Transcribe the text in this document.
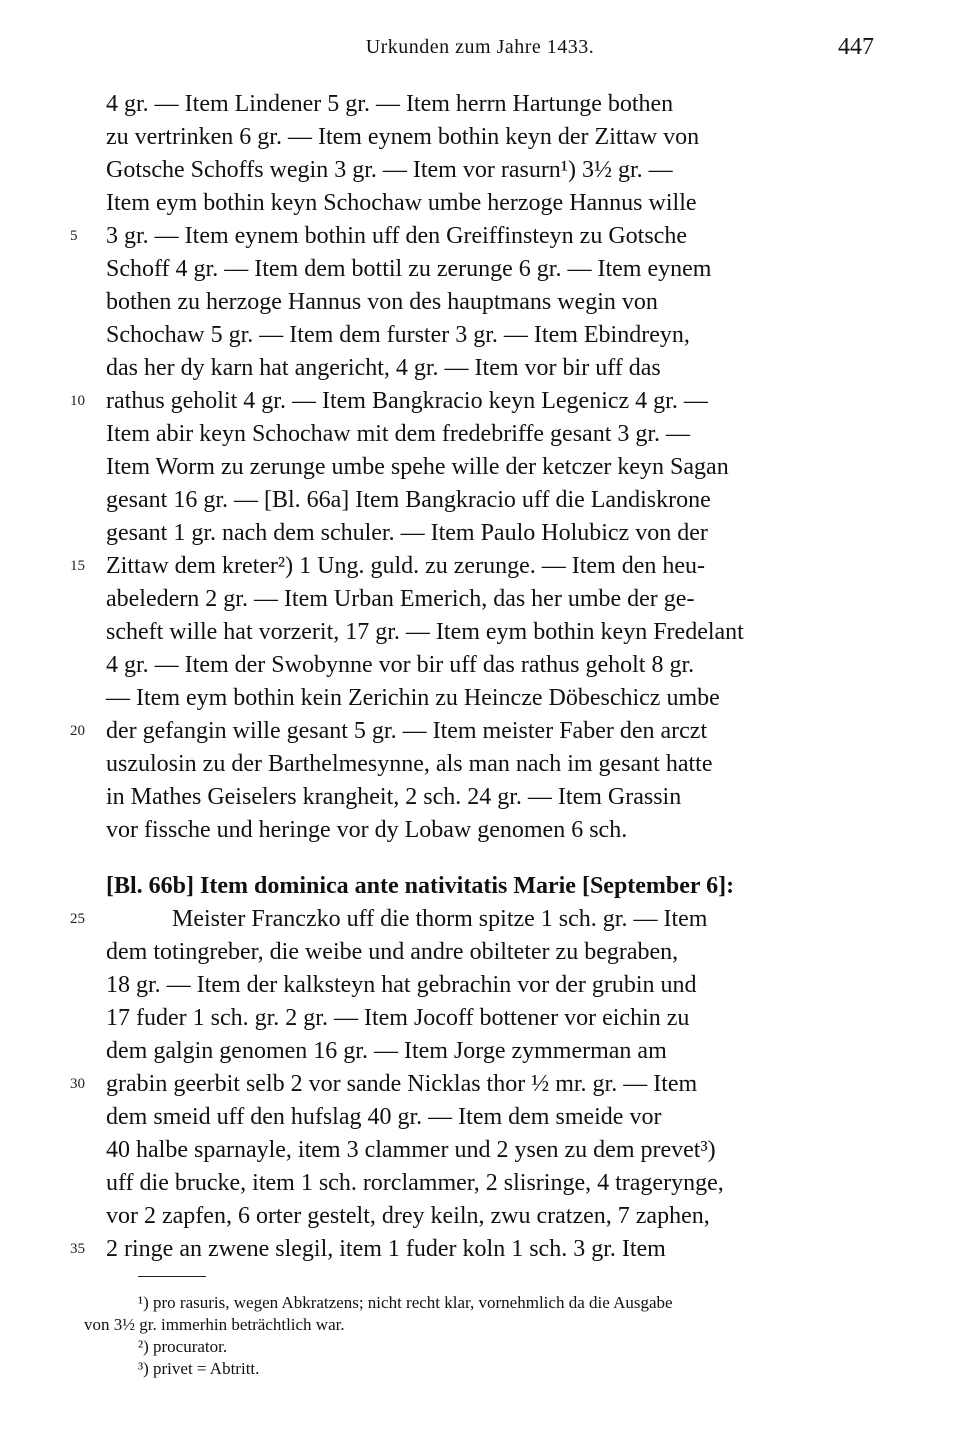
Urkunden zum Jahre 1433.	447
4 gr. — Item Lindener 5 gr. — Item herrn Hartunge bothen
zu vertrinken 6 gr. — Item eynem bothin keyn der Zittaw von
Gotsche Schoffs wegin 3 gr. — Item vor rasurn¹) 3½ gr. —
Item eym bothin keyn Schochaw umbe herzoge Hannus wille
3 gr. — Item eynem bothin uff den Greiffinsteyn zu Gotsche
5
Schoff 4 gr. — Item dem bottil zu zerunge 6 gr. — Item eynem
bothen zu herzoge Hannus von des hauptmans wegin von
Schochaw 5 gr. — Item dem furster 3 gr. — Item Ebindreyn,
das her dy karn hat angericht, 4 gr. — Item vor bir uff das
rathus geholit 4 gr. — Item Bangkracio keyn Legenicz 4 gr. —
10
Item abir keyn Schochaw mit dem fredebriffe gesant 3 gr. —
Item Worm zu zerunge umbe spehe wille der ketczer keyn Sagan
gesant 16 gr. — [Bl. 66a] Item Bangkracio uff die Landiskrone
gesant 1 gr. nach dem schuler. — Item Paulo Holubicz von der
Zittaw dem kreter²) 1 Ung. guld. zu zerunge. — Item den heu-
15
abeledern 2 gr. — Item Urban Emerich, das her umbe der ge-
scheft wille hat vorzerit, 17 gr. — Item eym bothin keyn Fredelant
4 gr. — Item der Swobynne vor bir uff das rathus geholt 8 gr.
— Item eym bothin kein Zerichin zu Heincze Döbeschicz umbe
der gefangin wille gesant 5 gr. — Item meister Faber den arczt
20
uszulosin zu der Barthelmesynne, als man nach im gesant hatte
in Mathes Geiselers krangheit, 2 sch. 24 gr. — Item Grassin
vor fissche und heringe vor dy Lobaw genomen 6 sch.
[Bl. 66b] Item dominica ante nativitatis Marie [September 6]:
Meister Franczko uff die thorm spitze 1 sch. gr. — Item
25
dem totingreber, die weibe und andre obilteter zu begraben,
18 gr. — Item der kalksteyn hat gebrachin vor der grubin und
17 fuder 1 sch. gr. 2 gr. — Item Jocoff bottener vor eichin zu
dem galgin genomen 16 gr. — Item Jorge zymmerman am
grabin geerbit selb 2 vor sande Nicklas thor ½ mr. gr. — Item
30
dem smeid uff den hufslag 40 gr. — Item dem smeide vor
40 halbe sparnayle, item 3 clammer und 2 ysen zu dem prevet³)
uff die brucke, item 1 sch. rorclammer, 2 slisringe, 4 tragerynge,
vor 2 zapfen, 6 orter gestelt, drey keiln, zwu cratzen, 7 zaphen,
2 ringe an zwene slegil, item 1 fuder koln 1 sch. 3 gr. Item
35
¹) pro rasuris, wegen Abkratzens; nicht recht klar, vornehmlich da die Ausgabe
von 3½ gr. immerhin beträchtlich war.
²) procurator.
³) privet = Abtritt.
